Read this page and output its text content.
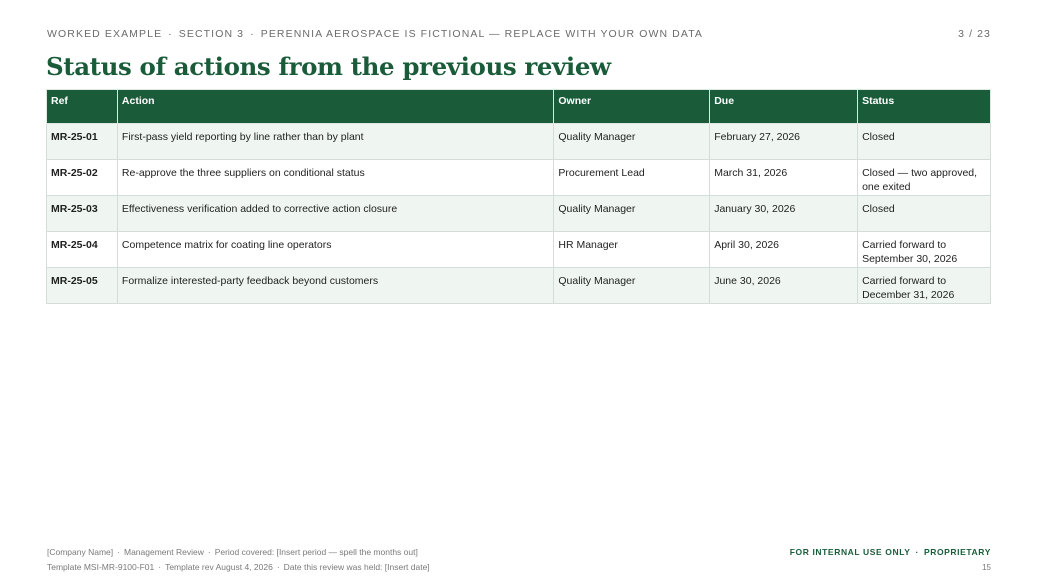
WORKED EXAMPLE · SECTION 3 · PERENNIA AEROSPACE IS FICTIONAL — REPLACE WITH YOUR OWN DATA	3 / 23
Status of actions from the previous review
Ref	Action	Owner	Due	Status
MR-25-01	First-pass yield reporting by line rather than by plant	Quality Manager	February 27, 2026	Closed
MR-25-02	Re-approve the three suppliers on conditional status	Procurement Lead	March 31, 2026	Closed — two approved, one exited
MR-25-03	Effectiveness verification added to corrective action closure	Quality Manager	January 30, 2026	Closed
MR-25-04	Competence matrix for coating line operators	HR Manager	April 30, 2026	Carried forward to September 30, 2026
MR-25-05	Formalize interested-party feedback beyond customers	Quality Manager	June 30, 2026	Carried forward to December 31, 2026
[Company Name] · Management Review · Period covered: [Insert period — spell the months out]
Template MSI-MR-9100-F01 · Template rev August 4, 2026 · Date this review was held: [Insert date]
FOR INTERNAL USE ONLY · PROPRIETARY
15
